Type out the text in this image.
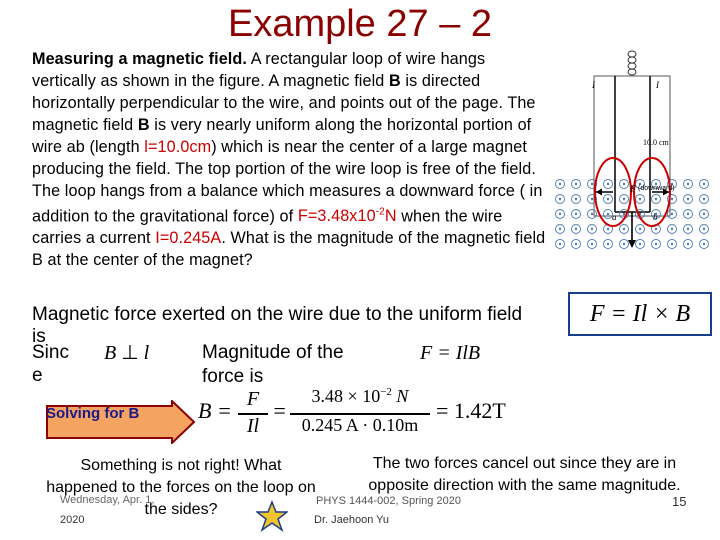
Example 27 – 2
Measuring a magnetic field. A rectangular loop of wire hangs vertically as shown in the figure. A magnetic field B is directed horizontally perpendicular to the wire, and points out of the page. The magnetic field B is very nearly uniform along the horizontal portion of wire ab (length l=10.0cm) which is near the center of a large magnet producing the field. The top portion of the wire loop is free of the field. The loop hangs from a balance which measures a downward force ( in addition to the gravitational force) of $F=3.48x10^{-2}N$ when the wire carries a current I=0.245A. What is the magnitude of the magnetic field B at the center of the magnet?
Magnetic force exerted on the wire due to the uniform field is
Sinc
e
Magnitude of the
force is
F = Il × B
B ⊥ l	F = IlB
Solving for B	B = F
Il
=
$3.48 \times 10^{-2}$ N
0.245 A · 0.10m
= 1.42T
I	I
10.0 cm
a	b
F (downward)
Something is not right! What happened to the forces on the loop on the sides?
The two forces cancel out since they are in opposite direction with the same magnitude.
Wednesday, Apr. 1,
2020
PHYS 1444-002, Spring 2020
Dr. Jaehoon Yu
15
